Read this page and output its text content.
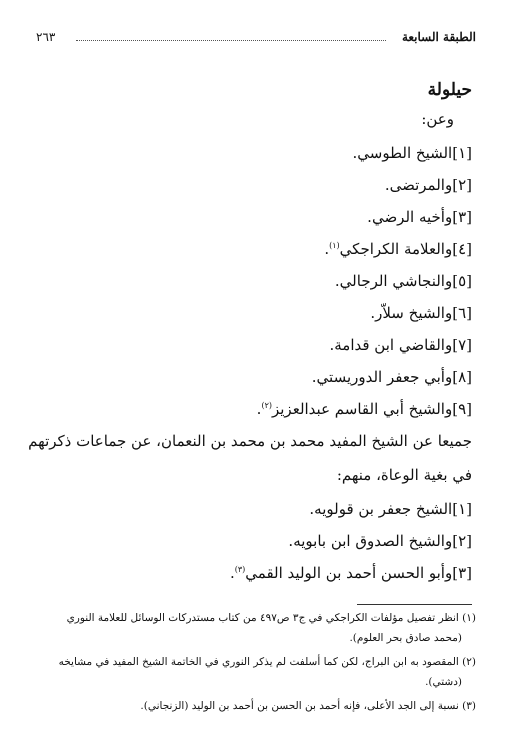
الطبقة السابعة
٢٦٣
حيلولة
وعن:
[١]الشيخ الطوسي.
[٢]والمرتضى.
[٣]وأخيه الرضي.
[٤]والعلامة الكراجكي$^{(١)}$.
[٥]والنجاشي الرجالي.
[٦]والشيخ سلاّر.
[٧]والقاضي ابن قدامة.
[٨]وأبي جعفر الدوريستي.
[٩]والشيخ أبي القاسم عبدالعزيز$^{(٢)}$.
جميعا عن الشيخ المفيد محمد بن محمد بن النعمان، عن جماعات ذكرتهم
في بغية الوعاة، منهم:
[١]الشيخ جعفر بن قولويه.
[٢]والشيخ الصدوق ابن بابويه.
[٣]وأبو الحسن أحمد بن الوليد القمي$^{(٣)}$.
(١) انظر تفصيل مؤلفات الكراجكي في ج٣ ص٤٩٧ من كتاب مستدركات الوسائل للعلامة النوري
(محمد صادق بحر العلوم).
(٢) المقصود به ابن البراج، لكن كما أسلفت لم يذكر النوري في الخاتمة الشيخ المفيد في مشايخه
(دشتي).
(٣) نسبة إلى الجد الأعلى، فإنه أحمد بن الحسن بن أحمد بن الوليد (الزنجاني).
